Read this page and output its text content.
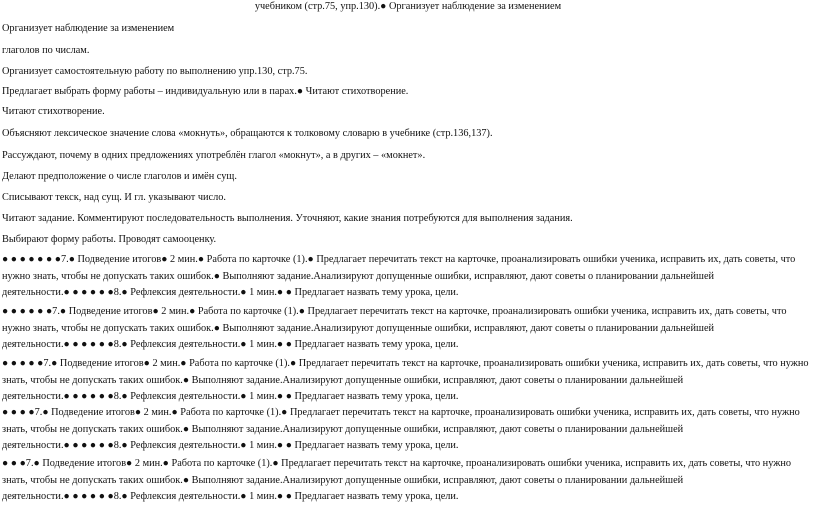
учебником (стр.75, упр.130).● Организует наблюдение за изменением
Организует наблюдение за изменением
глаголов по числам.
Организует самостоятельную работу по выполнению упр.130, стр.75.
Предлагает выбрать форму работы – индивидуальную или в парах.● Читают стихотворение.
Читают стихотворение.
Объясняют лексическое значение слова «мокнуть», обращаются к толковому словарю в учебнике (стр.136,137).
Рассуждают, почему в одних предложениях употреблён глагол «мокнут», а в других – «мокнет».
Делают предположение о числе глаголов и имён сущ.
Списывают текск, над сущ. И гл. указывают число.
Читают задание. Комментируют последовательность выполнения. Уточняют, какие знания потребуются для выполнения задания.
Выбирают форму работы. Проводят самооценку.
● ● ● ● ● ● ●7.● Подведение итогов● 2 мин.● Работа по карточке (1).● Предлагает перечитать текст на карточке, проанализировать ошибки ученика, исправить их, дать советы, что
нужно знать, чтобы не допускать таких ошибок.● Выполняют задание.Анализируют допущенные ошибки, исправляют, дают советы о планировании дальнейшей
деятельности.● ● ● ● ● ●8.● Рефлексия деятельности.● 1 мин.● ● Предлагает назвать тему урока, цели.
● ● ● ● ● ●7.● Подведение итогов● 2 мин.● Работа по карточке (1).● Предлагает перечитать текст на карточке, проанализировать ошибки ученика, исправить их, дать советы, что
нужно знать, чтобы не допускать таких ошибок.● Выполняют задание.Анализируют допущенные ошибки, исправляют, дают советы о планировании дальнейшей
деятельности.● ● ● ● ● ●8.● Рефлексия деятельности.● 1 мин.● ● Предлагает назвать тему урока, цели.
● ● ● ● ●7.● Подведение итогов● 2 мин.● Работа по карточке (1).● Предлагает перечитать текст на карточке, проанализировать ошибки ученика, исправить их, дать советы, что нужно
знать, чтобы не допускать таких ошибок.● Выполняют задание.Анализируют допущенные ошибки, исправляют, дают советы о планировании дальнейшей
деятельности.● ● ● ● ● ●8.● Рефлексия деятельности.● 1 мин.● ● Предлагает назвать тему урока, цели.
● ● ● ●7.● Подведение итогов● 2 мин.● Работа по карточке (1).● Предлагает перечитать текст на карточке, проанализировать ошибки ученика, исправить их, дать советы, что нужно
знать, чтобы не допускать таких ошибок.● Выполняют задание.Анализируют допущенные ошибки, исправляют, дают советы о планировании дальнейшей
деятельности.● ● ● ● ● ●8.● Рефлексия деятельности.● 1 мин.● ● Предлагает назвать тему урока, цели.
● ● ●7.● Подведение итогов● 2 мин.● Работа по карточке (1).● Предлагает перечитать текст на карточке, проанализировать ошибки ученика, исправить их, дать советы, что нужно
знать, чтобы не допускать таких ошибок.● Выполняют задание.Анализируют допущенные ошибки, исправляют, дают советы о планировании дальнейшей
деятельности.● ● ● ● ● ●8.● Рефлексия деятельности.● 1 мин.● ● Предлагает назвать тему урока, цели.
